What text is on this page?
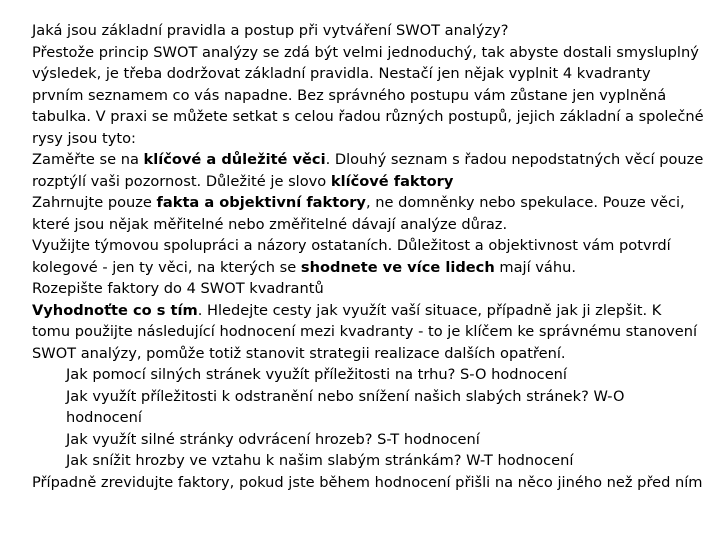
Jaká jsou základní pravidla a postup při vytváření SWOT analýzy?

Přestože princip SWOT analýzy se zdá být velmi jednoduchý, tak abyste dostali smysluplný výsledek, je třeba dodržovat základní pravidla. Nestačí jen nějak vyplnit 4 kvadranty prvním seznamem co vás napadne. Bez správného postupu vám zůstane jen vyplněná tabulka. V praxi se můžete setkat s celou řadou různých postupů, jejich základní a společné rysy jsou tyto:

Zaměřte se na klíčové a důležité věci. Dlouhý seznam s řadou nepodstatných věcí pouze rozptýlí vaši pozornost. Důležité je slovo klíčové faktory

Zahrnujte pouze fakta a objektivní faktory, ne domněnky nebo spekulace. Pouze věci, které jsou nějak měřitelné nebo změřitelné dávají analýze důraz.

Využijte týmovou spolupráci a názory ostataních. Důležitost a objektivnost vám potvrdí kolegové - jen ty věci, na kterých se shodnete ve více lidech mají váhu.

Rozepište faktory do 4 SWOT kvadrantů

Vyhodnoťte co s tím. Hledejte cesty jak využít vaší situace, případně jak ji zlepšit. K tomu použijte následující hodnocení mezi kvadranty - to je klíčem ke správnému stanovení SWOT analýzy, pomůže totiž stanovit strategii realizace dalších opatření.

Jak pomocí silných stránek využít příležitosti na trhu? S-O hodnocení

Jak využít příležitosti k odstranění nebo snížení našich slabých stránek? W-O hodnocení

Jak využít silné stránky odvrácení hrozeb? S-T hodnocení

Jak snížit hrozby ve vztahu k našim slabým stránkám? W-T hodnocení

Případně zrevidujte faktory, pokud jste během hodnocení přišli na něco jiného než před ním
